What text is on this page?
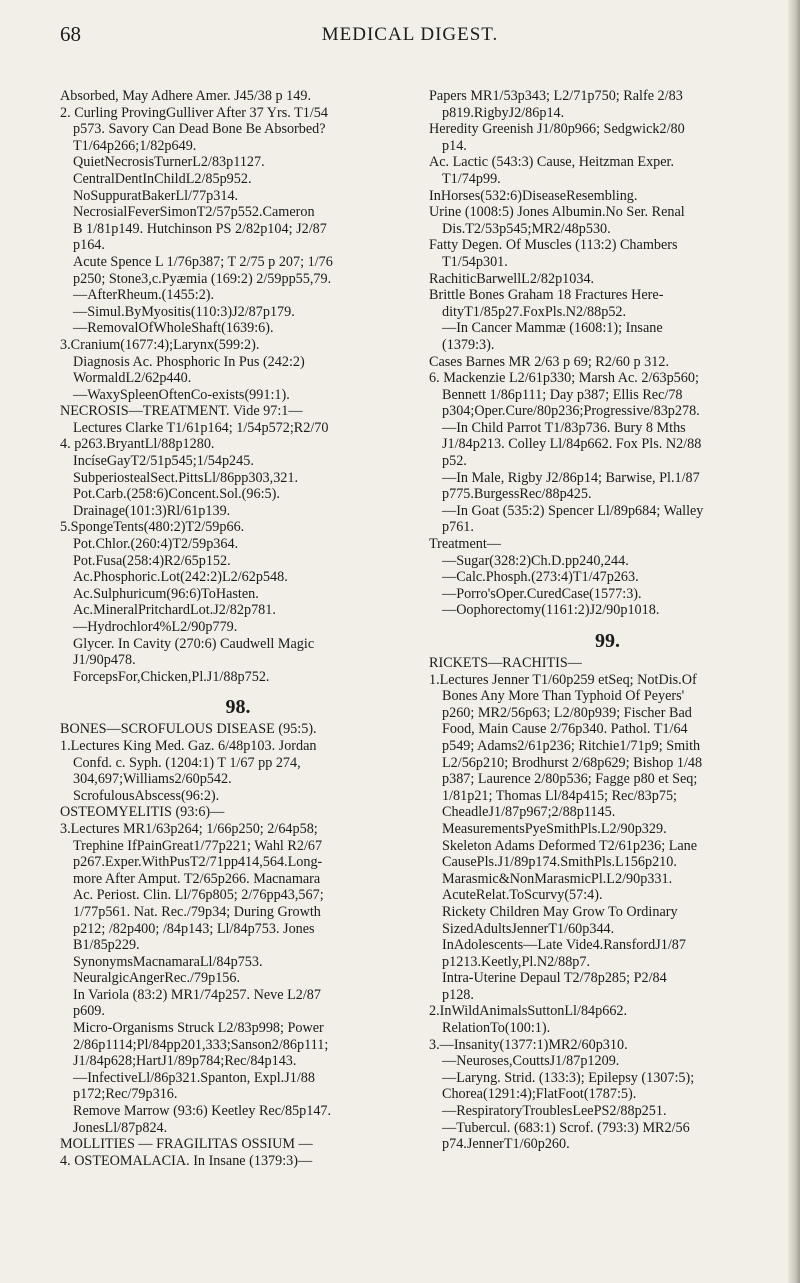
68	MEDICAL DIGEST.
Absorbed, May Adhere Amer. J45/38 p 149.
2. Curling ProvingGulliver After 37 Yrs. T1/54
p573. Savory Can Dead Bone Be Absorbed?
T1/64p266;1/82p649.
QuietNecrosisTurnerL2/83p1127.
CentralDentInChildL2/85p952.
NoSuppuratBakerLl/77p314.
NecrosialFeverSimonT2/57p552.Cameron
B 1/81p149. Hutchinson PS 2/82p104; J2/87
p164.
Acute Spence L 1/76p387; T 2/75 p 207; 1/76
p250; Stone3,c.Pyæmia (169:2) 2/59pp55,79.
—AfterRheum.(1455:2).
—Simul.ByMyositis(110:3)J2/87p179.
—RemovalOfWholeShaft(1639:6).
3.Cranium(1677:4);Larynx(599:2).
Diagnosis Ac. Phosphoric In Pus (242:2)
WormaldL2/62p440.
—WaxySpleenOftenCo-exists(991:1).
NECROSIS—TREATMENT. Vide 97:1—
Lectures Clarke T1/61p164; 1/54p572;R2/70
4. p263.BryantLl/88p1280.
IncíseGayT2/51p545;1/54p245.
SubperiostealSect.PittsLl/86pp303,321.
Pot.Carb.(258:6)Concent.Sol.(96:5).
Drainage(101:3)Rl/61p139.
5.SpongeTents(480:2)T2/59p66.
Pot.Chlor.(260:4)T2/59p364.
Pot.Fusa(258:4)R2/65p152.
Ac.Phosphoric.Lot(242:2)L2/62p548.
Ac.Sulphuricum(96:6)ToHasten.
Ac.MineralPritchardLot.J2/82p781.
—Hydrochlor4%L2/90p779.
Glycer. In Cavity (270:6) Caudwell Magic
J1/90p478.
ForcepsFor,Chicken,Pl.J1/88p752.
98.
BONES—SCROFULOUS DISEASE (95:5).
1.Lectures King Med. Gaz. 6/48p103. Jordan
Confd. c. Syph. (1204:1) T 1/67 pp 274,
304,697;Williams2/60p542.
ScrofulousAbscess(96:2).
OSTEOMYELITIS (93:6)—
3.Lectures MR1/63p264; 1/66p250; 2/64p58;
Trephine IfPainGreat1/77p221; Wahl R2/67
p267.Exper.WithPusT2/71pp414,564.Long-
more After Amput. T2/65p266. Macnamara
Ac. Periost. Clin. Ll/76p805; 2/76pp43,567;
1/77p561. Nat. Rec./79p34; During Growth
p212; /82p400; /84p143; Ll/84p753. Jones
B1/85p229.
SynonymsMacnamaraLl/84p753.
NeuralgicAngerRec./79p156.
In Variola (83:2) MR1/74p257. Neve L2/87
p609.
Micro-Organisms Struck L2/83p998; Power
2/86p1114;Pl/84pp201,333;Sanson2/86p111;
J1/84p628;HartJ1/89p784;Rec/84p143.
—InfectiveLl/86p321.Spanton, Expl.J1/88
p172;Rec/79p316.
Remove Marrow (93:6) Keetley Rec/85p147.
JonesLl/87p824.
MOLLITIES — FRAGILITAS OSSIUM —
4. OSTEOMALACIA. In Insane (1379:3)—
Papers MR1/53p343; L2/71p750; Ralfe 2/83
p819.RigbyJ2/86p14.
Heredity Greenish J1/80p966; Sedgwick2/80
p14.
Ac. Lactic (543:3) Cause, Heitzman Exper.
T1/74p99.
InHorses(532:6)DiseaseResembling.
Urine (1008:5) Jones Albumin.No Ser. Renal
Dis.T2/53p545;MR2/48p530.
Fatty Degen. Of Muscles (113:2) Chambers
T1/54p301.
RachiticBarwellL2/82p1034.
Brittle Bones Graham 18 Fractures Here-
dityT1/85p27.FoxPls.N2/88p52.
—In Cancer Mammæ (1608:1); Insane
(1379:3).
Cases Barnes MR 2/63 p 69; R2/60 p 312.
6. Mackenzie L2/61p330; Marsh Ac. 2/63p560;
Bennett 1/86p111; Day p387; Ellis Rec/78
p304;Oper.Cure/80p236;Progressive/83p278.
—In Child Parrot T1/83p736. Bury 8 Mths
J1/84p213. Colley Ll/84p662. Fox Pls. N2/88
p52.
—In Male, Rigby J2/86p14; Barwise, Pl.1/87
p775.BurgessRec/88p425.
—In Goat (535:2) Spencer Ll/89p684; Walley
p761.
Treatment—
—Sugar(328:2)Ch.D.pp240,244.
—Calc.Phosph.(273:4)T1/47p263.
—Porro'sOper.CuredCase(1577:3).
—Oophorectomy(1161:2)J2/90p1018.
99.
RICKETS—RACHITIS—
1.Lectures Jenner T1/60p259 etSeq; NotDis.Of
Bones Any More Than Typhoid Of Peyers'
p260; MR2/56p63; L2/80p939; Fischer Bad
Food, Main Cause 2/76p340. Pathol. T1/64
p549; Adams2/61p236; Ritchie1/71p9; Smith
L2/56p210; Brodhurst 2/68p629; Bishop 1/48
p387; Laurence 2/80p536; Fagge p80 et Seq;
1/81p21; Thomas Ll/84p415; Rec/83p75;
CheadleJ1/87p967;2/88p1145.
MeasurementsPyeSmithPls.L2/90p329.
Skeleton Adams Deformed T2/61p236; Lane
CausePls.J1/89p174.SmithPls.L156p210.
Marasmic&NonMarasmicPl.L2/90p331.
AcuteRelat.ToScurvy(57:4).
Rickety Children May Grow To Ordinary
SizedAdultsJennerT1/60p344.
InAdolescents—Late Vide4.RansfordJ1/87
p1213.Keetly,Pl.N2/88p7.
Intra-Uterine Depaul T2/78p285; P2/84
p128.
2.InWildAnimalsSuttonLl/84p662.
RelationTo(100:1).
3.—Insanity(1377:1)MR2/60p310.
—Neuroses,CouttsJ1/87p1209.
—Laryng. Strid. (133:3); Epilepsy (1307:5);
Chorea(1291:4);FlatFoot(1787:5).
—RespiratoryTroublesLeePS2/88p251.
—Tubercul. (683:1) Scrof. (793:3) MR2/56
p74.JennerT1/60p260.
